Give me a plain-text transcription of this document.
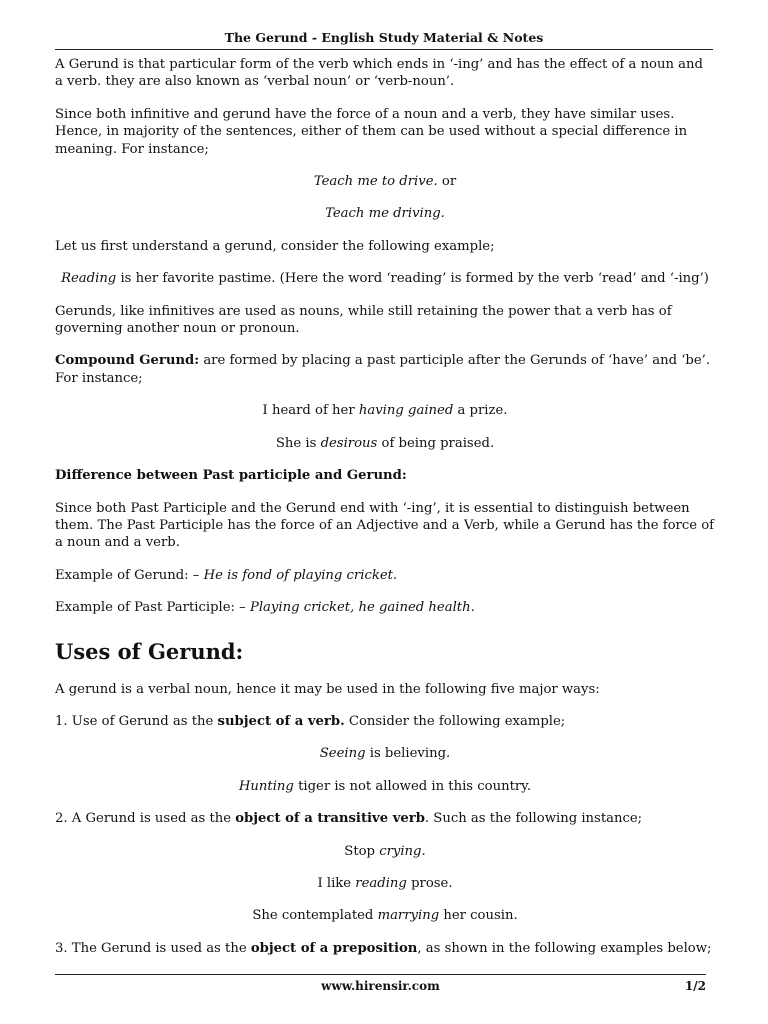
The Gerund - English Study Material & Notes

A Gerund is that particular form of the verb which ends in ‘-ing’ and has the effect of a noun and a verb. they are also known as ‘verbal noun’ or ‘verb-noun’.

Since both infinitive and gerund have the force of a noun and a verb, they have similar uses. Hence, in majority of the sentences, either of them can be used without a special difference in meaning. For instance;

Teach me to drive. or

Teach me driving.

Let us first understand a gerund, consider the following example;

Reading is her favorite pastime. (Here the word ‘reading’ is formed by the verb ‘read’ and ‘-ing’)

Gerunds, like infinitives are used as nouns, while still retaining the power that a verb has of governing another noun or pronoun.

Compound Gerund: are formed by placing a past participle after the Gerunds of ‘have’ and ‘be’. For instance;

I heard of her having gained a prize.

She is desirous of being praised.

Difference between Past participle and Gerund:

Since both Past Participle and the Gerund end with ‘-ing’, it is essential to distinguish between them. The Past Participle has the force of an Adjective and a Verb, while a Gerund has the force of a noun and a verb.

Example of Gerund: – He is fond of playing cricket.

Example of Past Participle: – Playing cricket, he gained health.

Uses of Gerund:

A gerund is a verbal noun, hence it may be used in the following five major ways:

1. Use of Gerund as the subject of a verb. Consider the following example;

Seeing is believing.

Hunting tiger is not allowed in this country.

2. A Gerund is used as the object of a transitive verb. Such as the following instance;

Stop crying.

I like reading prose.

She contemplated marrying her cousin.

3. The Gerund is used as the object of a preposition, as shown in the following examples below;

www.hirensir.com	1/2
